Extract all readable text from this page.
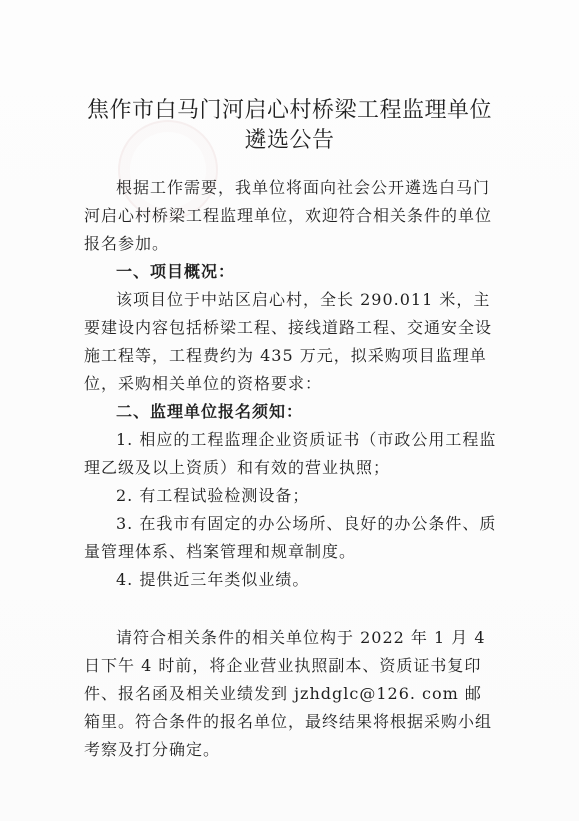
焦作市白马门河启心村桥梁工程监理单位
遴选公告
根据工作需要，我单位将面向社会公开遴选白马门河启心村桥梁工程监理单位，欢迎符合相关条件的单位报名参加。
一、项目概况：
该项目位于中站区启心村，全长 290.011 米，主要建设内容包括桥梁工程、接线道路工程、交通安全设施工程等，工程费约为 435 万元，拟采购项目监理单位，采购相关单位的资格要求：
二、监理单位报名须知：
1. 相应的工程监理企业资质证书（市政公用工程监理乙级及以上资质）和有效的营业执照；
2. 有工程试验检测设备；
3. 在我市有固定的办公场所、良好的办公条件、质量管理体系、档案管理和规章制度。
4. 提供近三年类似业绩。
请符合相关条件的相关单位构于 2022 年 1 月 4 日下午 4 时前，将企业营业执照副本、资质证书复印件、报名函及相关业绩发到 jzhdglc@126. com 邮箱里。符合条件的报名单位，最终结果将根据采购小组考察及打分确定。
